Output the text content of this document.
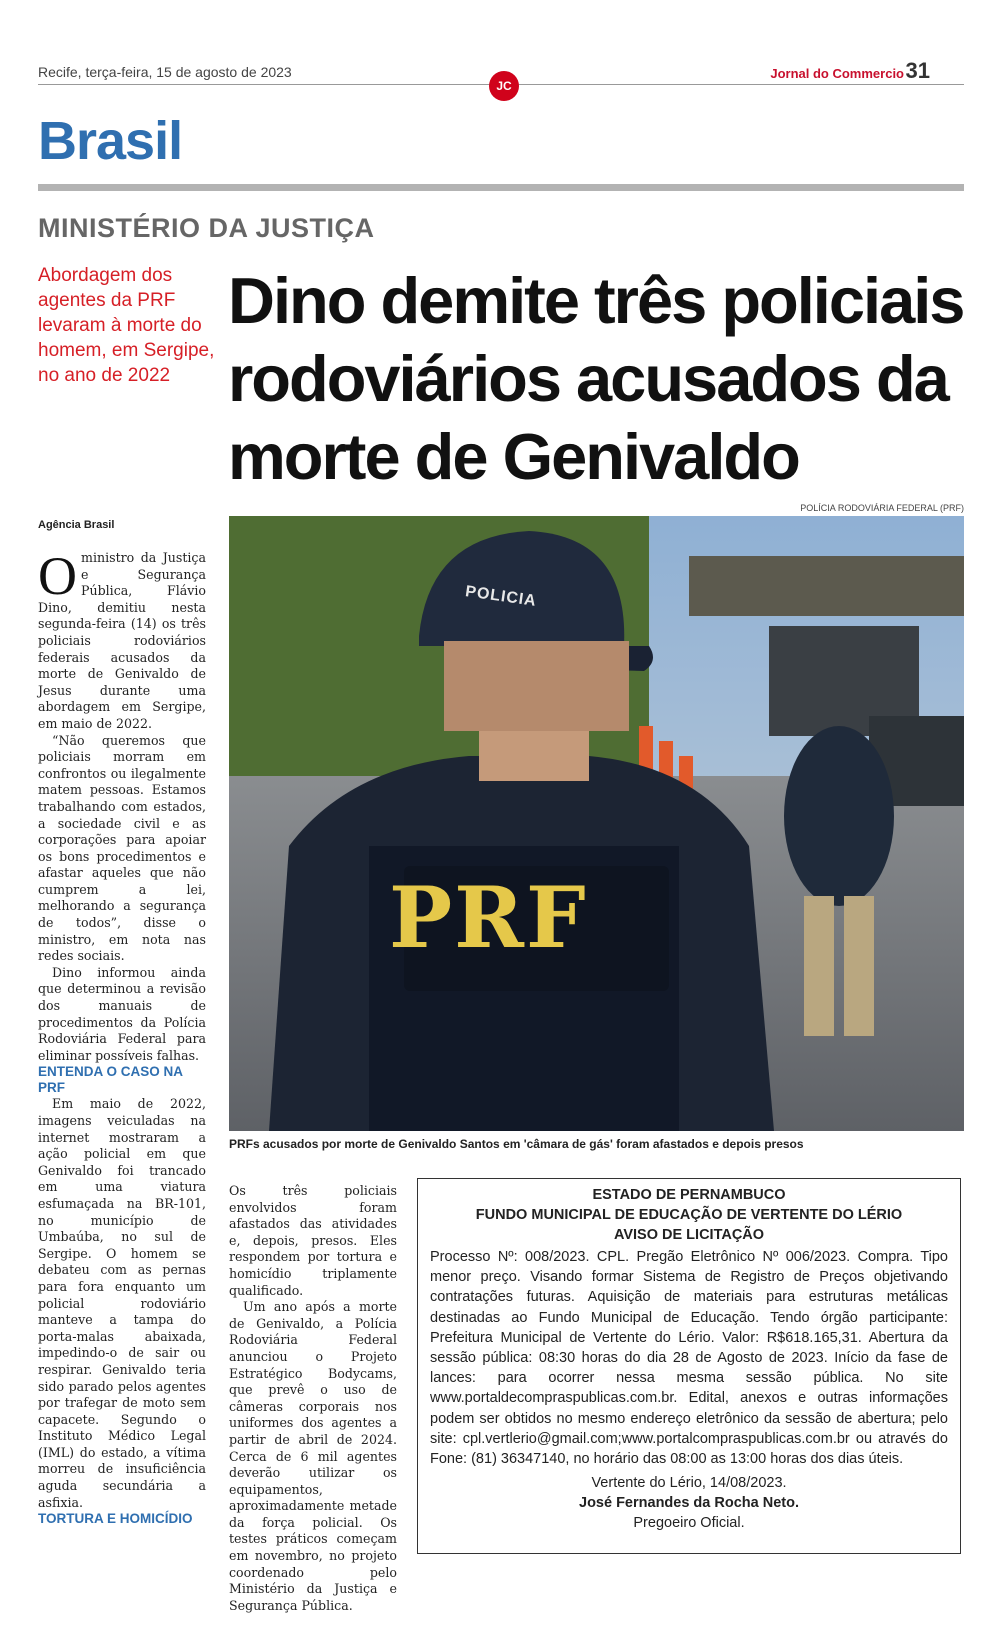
Recife, terça-feira, 15 de agosto de 2023
JC
Jornal do Commercio 31
Brasil
MINISTÉRIO DA JUSTIÇA
Abordagem dos agentes da PRF levaram à morte do homem, em Sergipe, no ano de 2022
Dino demite três policiais rodoviários acusados da morte de Genivaldo
POLÍCIA RODOVIÁRIA FEDERAL (PRF)
POLICIA
PRF
PRFs acusados por morte de Genivaldo Santos em 'câmara de gás' foram afastados e depois presos
Agência Brasil

Oministro da Justiça e Segurança Pública, Flávio Dino, demitiu nesta segunda-feira (14) os três policiais rodoviários federais acusados da morte de Genivaldo de Jesus durante uma abordagem em Sergipe, em maio de 2022.

“Não queremos que policiais morram em confrontos ou ilegalmente matem pessoas. Estamos trabalhando com estados, a sociedade civil e as corporações para apoiar os bons procedimentos e afastar aqueles que não cumprem a lei, melhorando a segurança de todos”, disse o ministro, em nota nas redes sociais.

Dino informou ainda que determinou a revisão dos manuais de procedimentos da Polícia Rodoviária Federal para eliminar possíveis falhas.

ENTENDA O CASO NA PRF

Em maio de 2022, imagens veiculadas na internet mostraram a ação policial em que Genivaldo foi trancado em uma viatura esfumaçada na BR-101, no município de Umbaúba, no sul de Sergipe. O homem se debateu com as pernas para fora enquanto um policial rodoviário manteve a tampa do porta-malas abaixada, impedindo-o de sair ou respirar. Genivaldo teria sido parado pelos agentes por trafegar de moto sem capacete. Segundo o Instituto Médico Legal (IML) do estado, a vítima morreu de insuficiência aguda secundária a asfixia.

TORTURA E HOMICÍDIO

Os três policiais envolvidos foram afastados das atividades e, depois, presos. Eles respondem por tortura e homicídio triplamente qualificado.

Um ano após a morte de Genivaldo, a Polícia Rodoviária Federal anunciou o Projeto Estratégico Bodycams, que prevê o uso de câmeras corporais nos uniformes dos agentes a partir de abril de 2024. Cerca de 6 mil agentes deverão utilizar os equipamentos, aproximadamente metade da força policial. Os testes práticos começam em novembro, no projeto coordenado pelo Ministério da Justiça e Segurança Pública.

ESTADO DE PERNAMBUCO
FUNDO MUNICIPAL DE EDUCAÇÃO DE VERTENTE DO LÉRIO
AVISO DE LICITAÇÃO
Processo Nº: 008/2023. CPL. Pregão Eletrônico Nº 006/2023. Compra. Tipo menor preço. Visando formar Sistema de Registro de Preços objetivando contratações futuras. Aquisição de materiais para estruturas metálicas destinadas ao Fundo Municipal de Educação. Tendo órgão participante: Prefeitura Municipal de Vertente do Lério. Valor: R$618.165,31. Abertura da sessão pública: 08:30 horas do dia 28 de Agosto de 2023. Início da fase de lances: para ocorrer nessa mesma sessão pública. No site www.portaldecompraspublicas.com.br. Edital, anexos e outras informações podem ser obtidos no mesmo endereço eletrônico da sessão de abertura; pelo site: cpl.vertlerio@gmail.com;www.portalcompraspublicas.com.br ou através do Fone: (81) 36347140, no horário das 08:00 as 13:00 horas dos dias úteis.
Vertente do Lério, 14/08/2023.
José Fernandes da Rocha Neto.
Pregoeiro Oficial.
